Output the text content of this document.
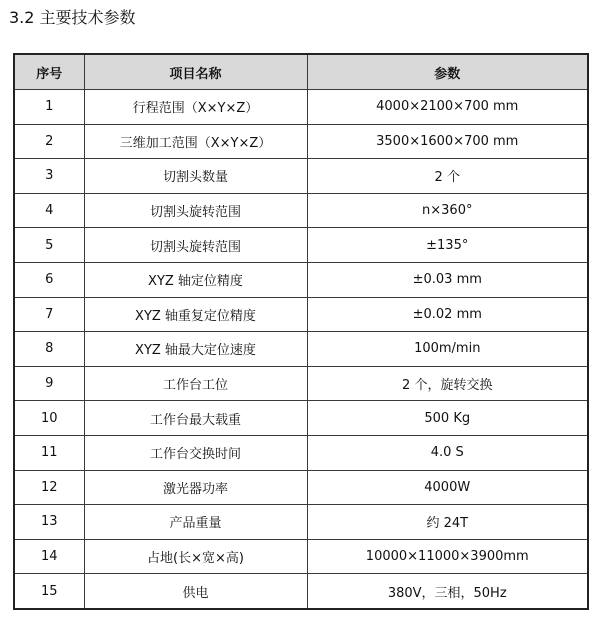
3.2 主要技术参数
序号	项目名称	参数
1	行程范围（X×Y×Z）	4000×2100×700 mm
2	三维加工范围（X×Y×Z）	3500×1600×700 mm
3	切割头数量	2 个
4	切割头旋转范围	n×360°
5	切割头旋转范围	±135°
6	XYZ 轴定位精度	±0.03 mm
7	XYZ 轴重复定位精度	±0.02 mm
8	XYZ 轴最大定位速度	100m/min
9	工作台工位	2 个，旋转交换
10	工作台最大载重	500 Kg
11	工作台交换时间	4.0 S
12	激光器功率	4000W
13	产品重量	约 24T
14	占地(长×宽×高)	10000×11000×3900mm
15	供电	380V，三相，50Hz
